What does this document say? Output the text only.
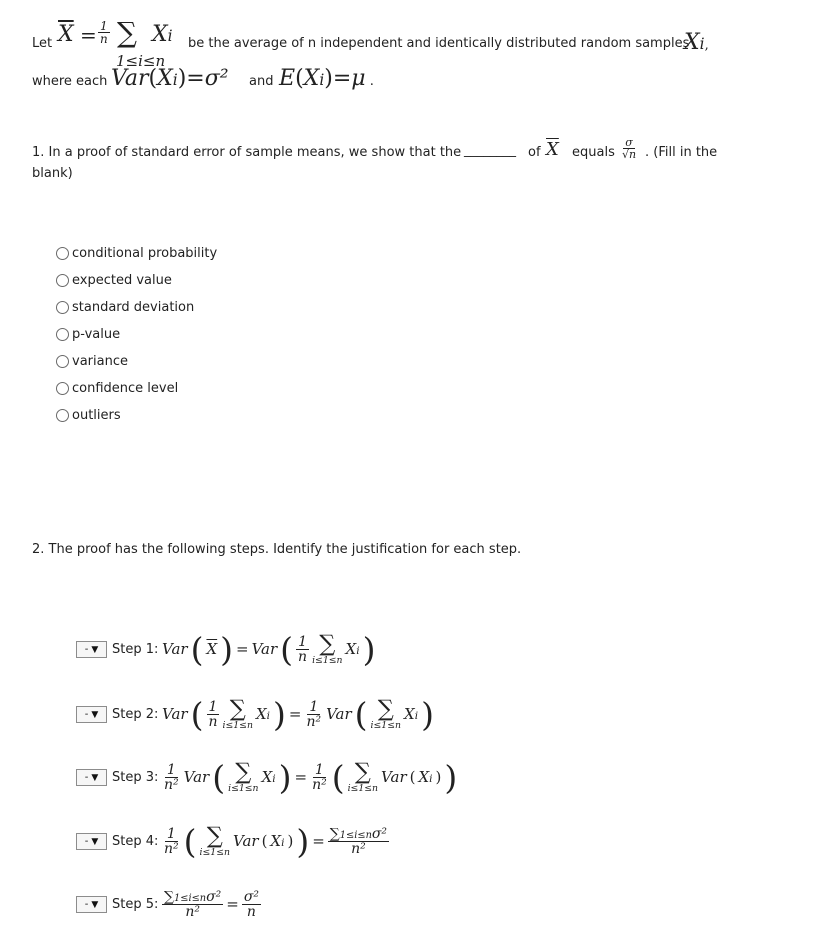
Let $\overline{X} = \frac{1}{n}$ ∑ Xi
1≤i≤n
be the average of n independent and identically distributed random samples
Xi,
where each Var(Xi)=σ² and E(Xi)=μ .
1. In a proof of standard error of sample means, we show that the ________ of $\overline{X}$ equals $\frac{\sigma}{√n}$ . (Fill in the
blank)
conditional probability
expected value
standard deviation
p-value
variance
confidence level
outliers
2. The proof has the following steps. Identify the justification for each step.
- ▼ Step 1: Var ( $\overline{X}$ ) = Var ( $\frac{1}{n}$ ∑
i≤1≤n
Xi )
- ▼ Step 2: Var ( $\frac{1}{n}$ ∑
i≤1≤n
Xi ) = $\frac{1}{\text{n²}}$ Var ( ∑
i≤1≤n
Xi )
- ▼ Step 3: $\frac{1}{\text{n²}}$ Var ( ∑
i≤1≤n
Xi ) = $\frac{1}{\text{n²}}$ ( ∑
i≤1≤n
Var ( Xi ) )
- ▼ Step 4: $\frac{1}{\text{n²}}$ ( ∑
i≤1≤n
Var ( Xi ) ) = $\frac{\text{∑1≤i≤nσ²}}{\text{n²}}$
- ▼ Step 5: $\frac{\text{∑1≤i≤nσ²}}{\text{n²}} = \frac{\text{σ²}}{n}$
